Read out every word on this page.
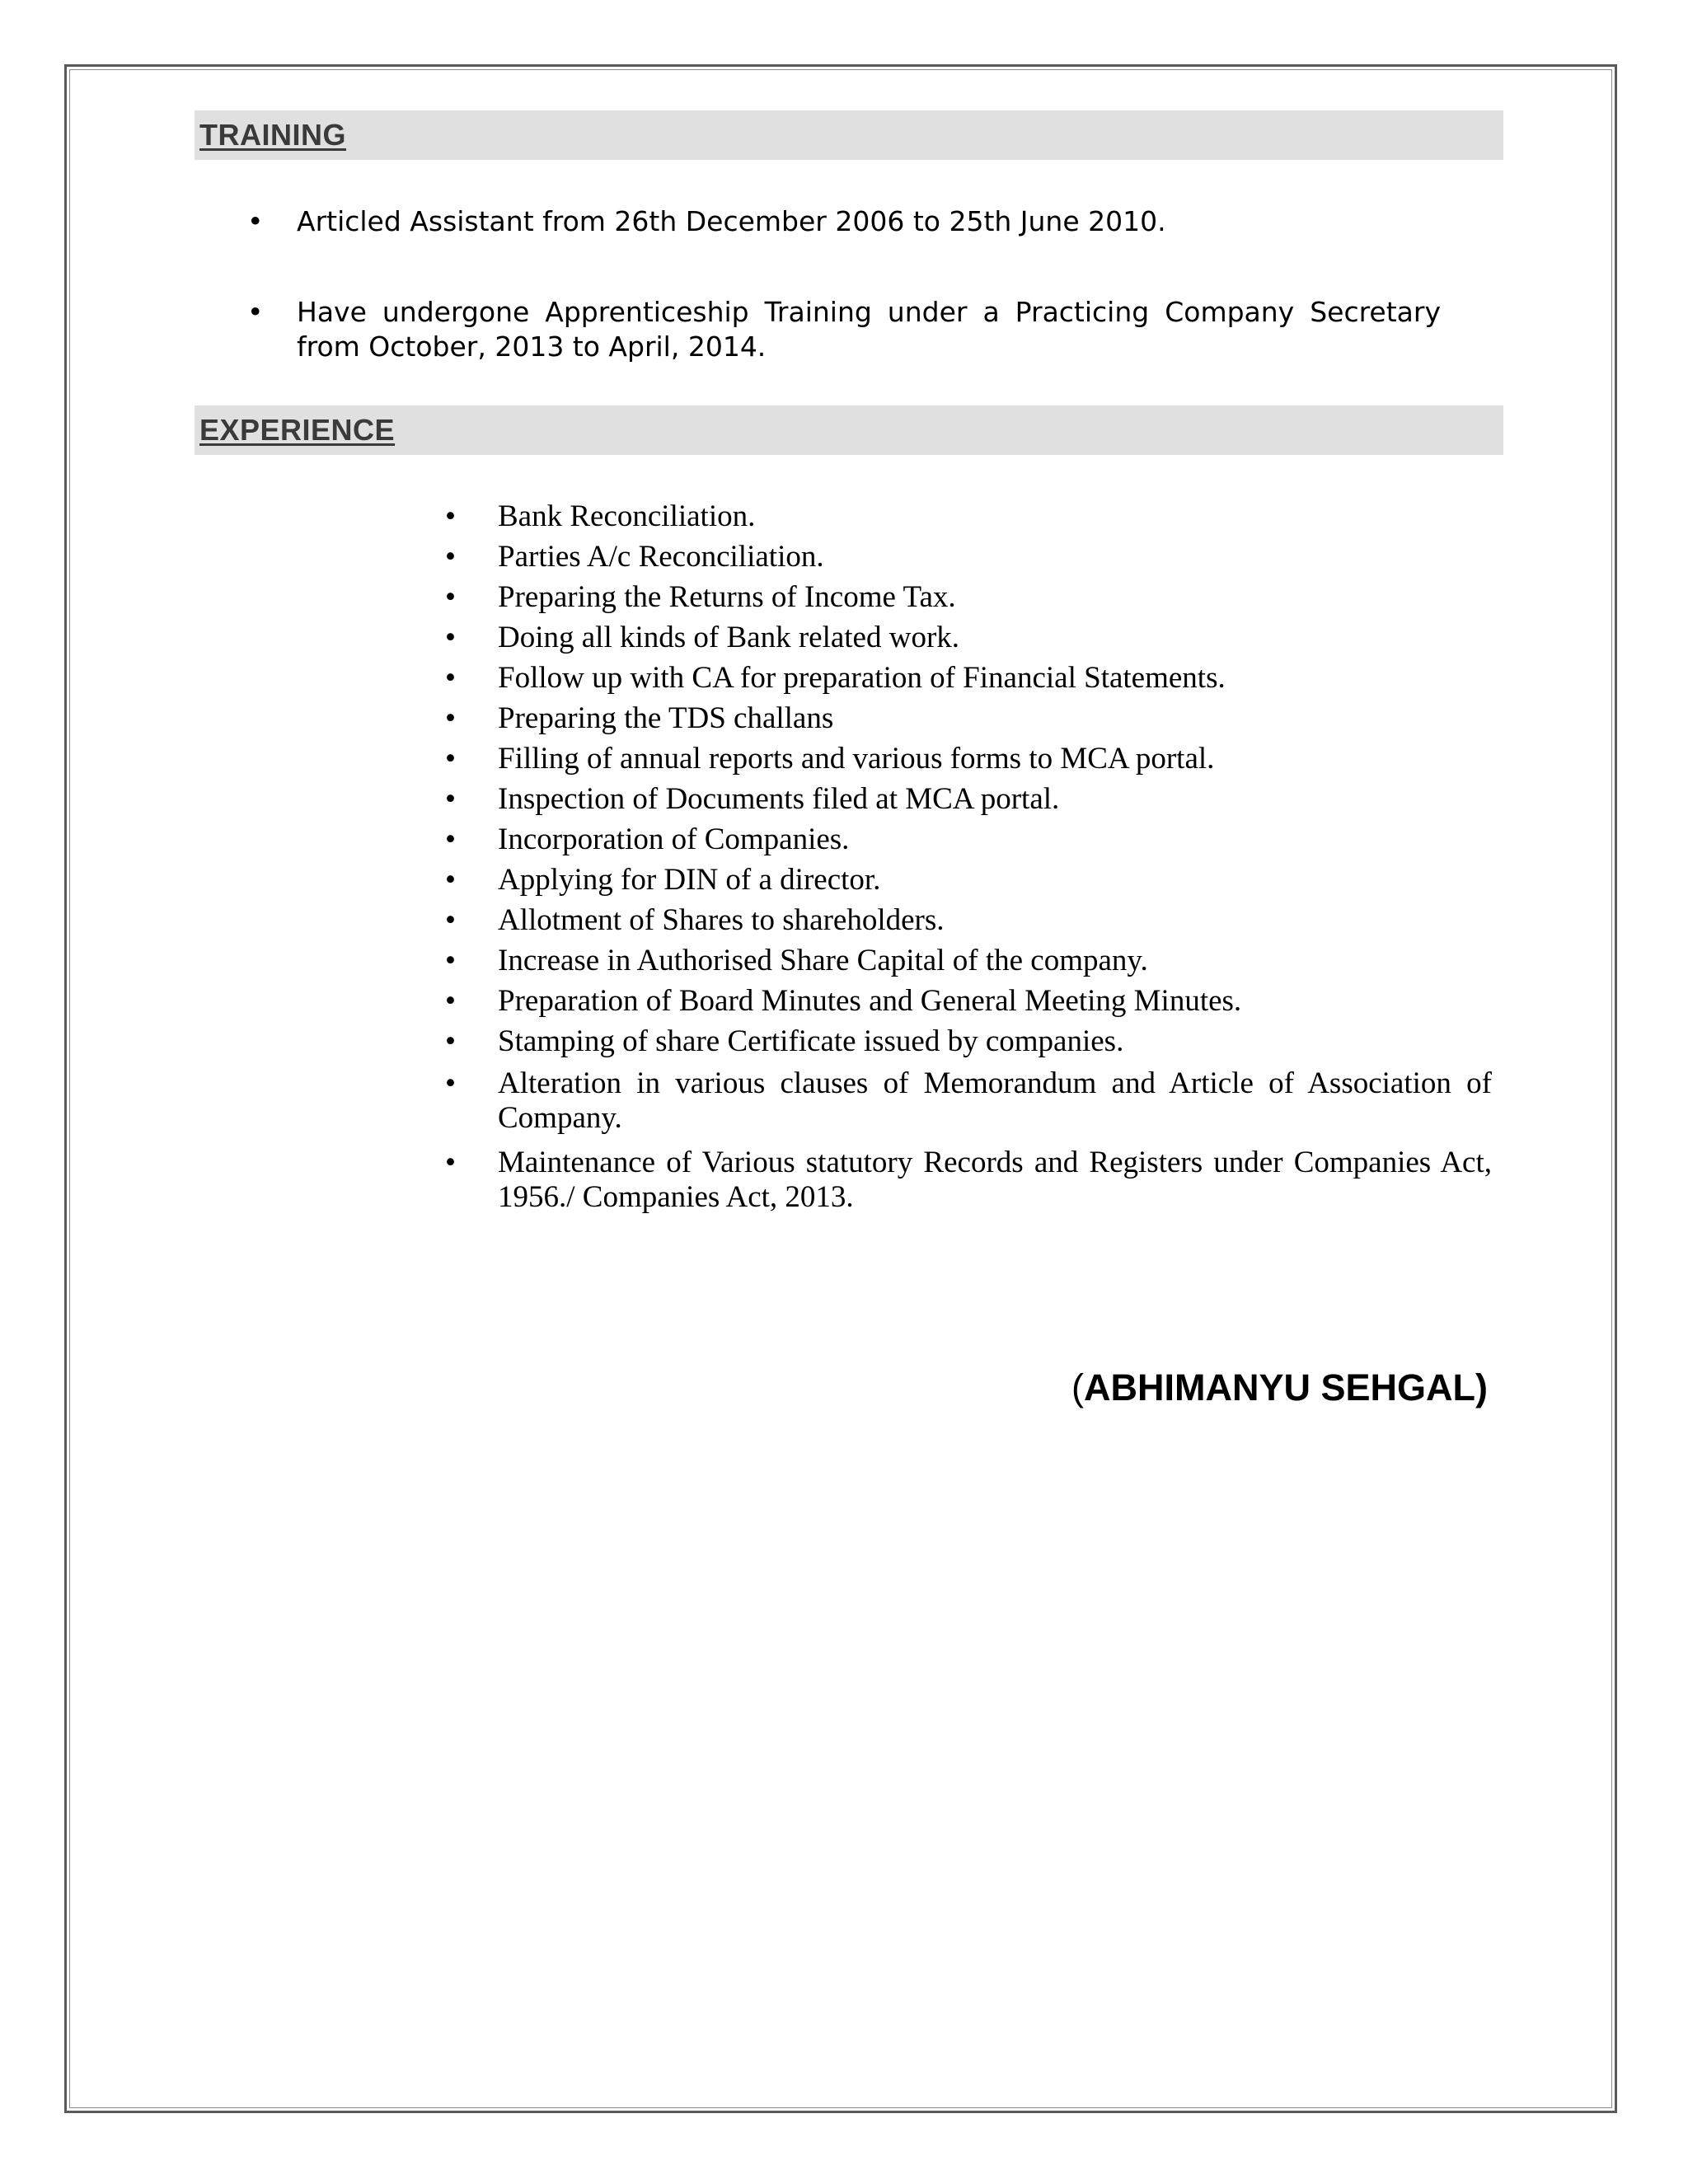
TRAINING
• Articled Assistant from 26th December 2006 to 25th June 2010.
• Have undergone Apprenticeship Training under a Practicing Company Secretary from October, 2013 to April, 2014.
EXPERIENCE
• Bank Reconciliation.
• Parties A/c Reconciliation.
• Preparing the Returns of Income Tax.
• Doing all kinds of Bank related work.
• Follow up with CA for preparation of Financial Statements.
• Preparing the TDS challans
• Filling of annual reports and various forms to MCA portal.
• Inspection of Documents filed at MCA portal.
• Incorporation of Companies.
• Applying for DIN of a director.
• Allotment of Shares to shareholders.
• Increase in Authorised Share Capital of the company.
• Preparation of Board Minutes and General Meeting Minutes.
• Stamping of share Certificate issued by companies.
• Alteration in various clauses of Memorandum and Article of Association of Company.
• Maintenance of Various statutory Records and Registers under Companies Act, 1956./ Companies Act, 2013.
(ABHIMANYU SEHGAL)
